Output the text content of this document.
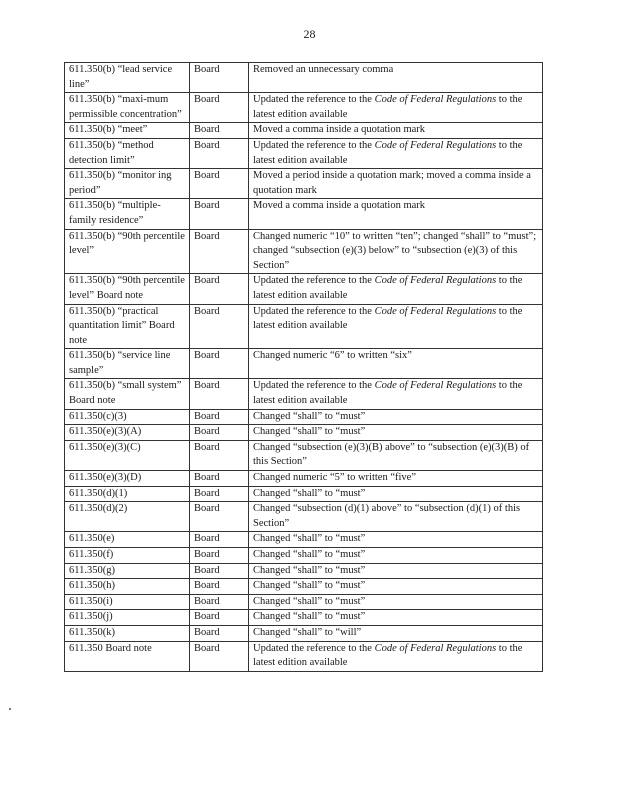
28
611.350(b) “lead service line”	Board	Removed an unnecessary comma
611.350(b) “maxi-mum permissible concentration”	Board	Updated the reference to the Code of Federal Regulations to the latest edition available
611.350(b) “meet”	Board	Moved a comma inside a quotation mark
611.350(b) “method detection limit”	Board	Updated the reference to the Code of Federal Regulations to the latest edition available
611.350(b) “monitor ing period”	Board	Moved a period inside a quotation mark; moved a comma inside a quotation mark
611.350(b) “multiple-family residence”	Board	Moved a comma inside a quotation mark
611.350(b) “90th percentile level”	Board	Changed numeric “10” to written “ten”; changed “shall” to “must”; changed “subsection (e)(3) below” to “subsection (e)(3) of this Section”
611.350(b) “90th percentile level” Board note	Board	Updated the reference to the Code of Federal Regulations to the latest edition available
611.350(b) “practical quantitation limit” Board note	Board	Updated the reference to the Code of Federal Regulations to the latest edition available
611.350(b) “service line sample”	Board	Changed numeric “6” to written “six”
611.350(b) “small system” Board note	Board	Updated the reference to the Code of Federal Regulations to the latest edition available
611.350(c)(3)	Board	Changed “shall” to “must”
611.350(e)(3)(A)	Board	Changed “shall” to “must”
611.350(e)(3)(C)	Board	Changed “subsection (e)(3)(B) above” to “subsection (e)(3)(B) of this Section”
611.350(e)(3)(D)	Board	Changed numeric “5” to written “five”
611.350(d)(1)	Board	Changed “shall” to “must”
611.350(d)(2)	Board	Changed “subsection (d)(1) above” to “subsection (d)(1) of this Section”
611.350(e)	Board	Changed “shall” to “must”
611.350(f)	Board	Changed “shall” to “must”
611.350(g)	Board	Changed “shall” to “must”
611.350(h)	Board	Changed “shall” to “must”
611.350(i)	Board	Changed “shall” to “must”
611.350(j)	Board	Changed “shall” to “must”
611.350(k)	Board	Changed “shall” to “will”
611.350 Board note	Board	Updated the reference to the Code of Federal Regulations to the latest edition available
